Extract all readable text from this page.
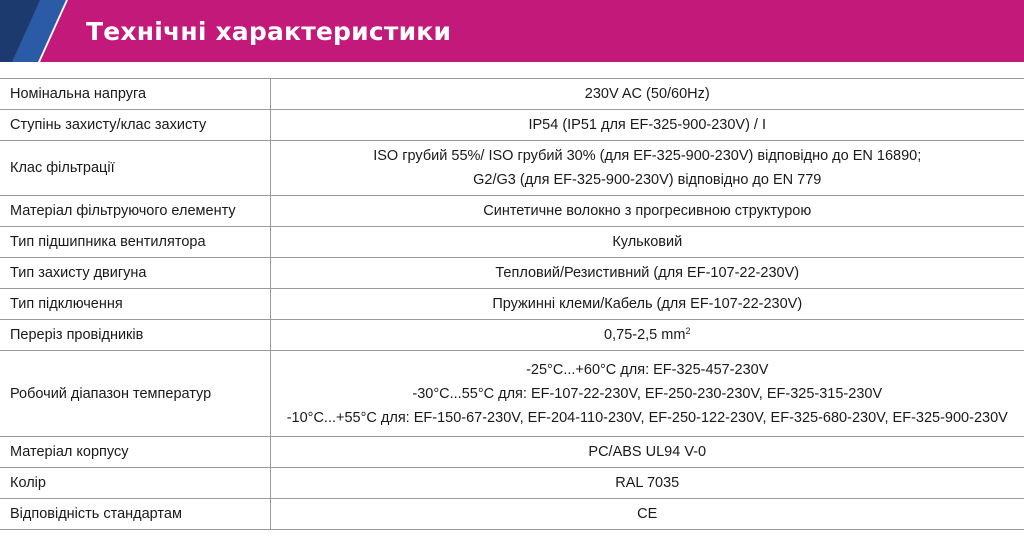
Технічні характеристики
Номінальна напруга	230V AC (50/60Hz)

Ступінь захисту/клас захисту	IP54 (IP51 для EF-325-900-230V) / I

Клас фільтрації	ISO грубий 55%/ ISO грубий 30% (для EF-325-900-230V) відповідно до EN 16890;
G2/G3 (для EF-325-900-230V) відповідно до EN 779

Матеріал фільтруючого елементу	Синтетичне волокно з прогресивною структурою

Тип підшипника вентилятора	Кульковий

Тип захисту двигуна	Тепловий/Резистивний (для EF-107-22-230V)

Тип підключення	Пружинні клеми/Кабель (для EF-107-22-230V)

Переріз провідників	0,75-2,5 $mm^2$

Робочий діапазон температур	-25°C...+60°C для: EF-325-457-230V
-30°C...55°C для: EF-107-22-230V, EF-250-230-230V, EF-325-315-230V
-10°C...+55°C для: EF-150-67-230V, EF-204-110-230V, EF-250-122-230V, EF-325-680-230V, EF-325-900-230V

Матеріал корпусу	PC/ABS UL94 V-0

Колір	RAL 7035

Відповідність стандартам	CE
